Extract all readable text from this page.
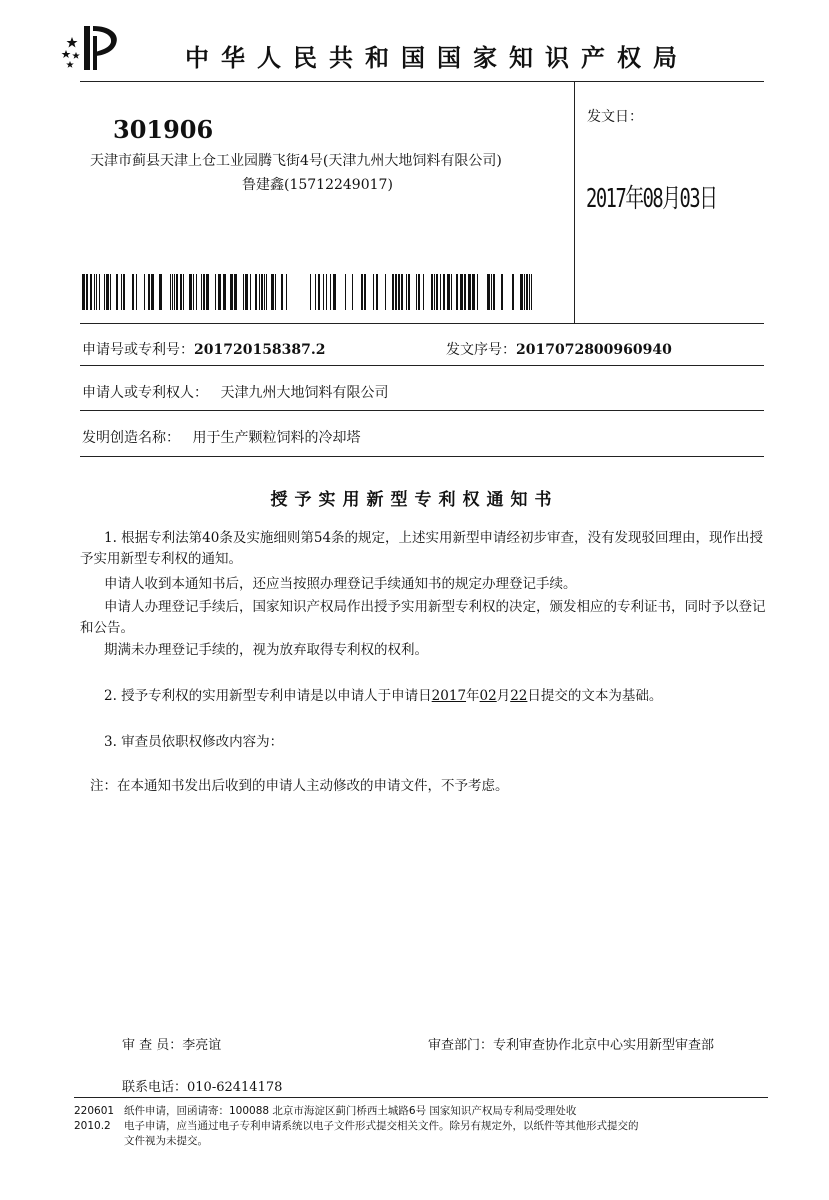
中华人民共和国国家知识产权局
301906
天津市蓟县天津上仓工业园腾飞街4号(天津九州大地饲料有限公司)
鲁建鑫(15712249017)
发文日：
2017年08月03日
申请号或专利号：201720158387.2	发文序号：2017072800960940
申请人或专利权人： 天津九州大地饲料有限公司
发明创造名称： 用于生产颗粒饲料的冷却塔
授予实用新型专利权通知书
1. 根据专利法第40条及实施细则第54条的规定，上述实用新型申请经初步审查，没有发现驳回理由，现作出授予实用新型专利权的通知。
申请人收到本通知书后，还应当按照办理登记手续通知书的规定办理登记手续。
申请人办理登记手续后，国家知识产权局作出授予实用新型专利权的决定，颁发相应的专利证书，同时予以登记和公告。
期满未办理登记手续的，视为放弃取得专利权的权利。
2. 授予专利权的实用新型专利申请是以申请人于申请日2017年02月22日提交的文本为基础。
3. 审查员依职权修改内容为：
注：在本通知书发出后收到的申请人主动修改的申请文件，不予考虑。
审 查 员：李亮谊	审查部门：专利审查协作北京中心实用新型审查部
联系电话：010-62414178
220601
2010.2
纸件申请，回函请寄：100088 北京市海淀区蓟门桥西土城路6号 国家知识产权局专利局受理处收
电子申请，应当通过电子专利申请系统以电子文件形式提交相关文件。除另有规定外，以纸件等其他形式提交的
文件视为未提交。
